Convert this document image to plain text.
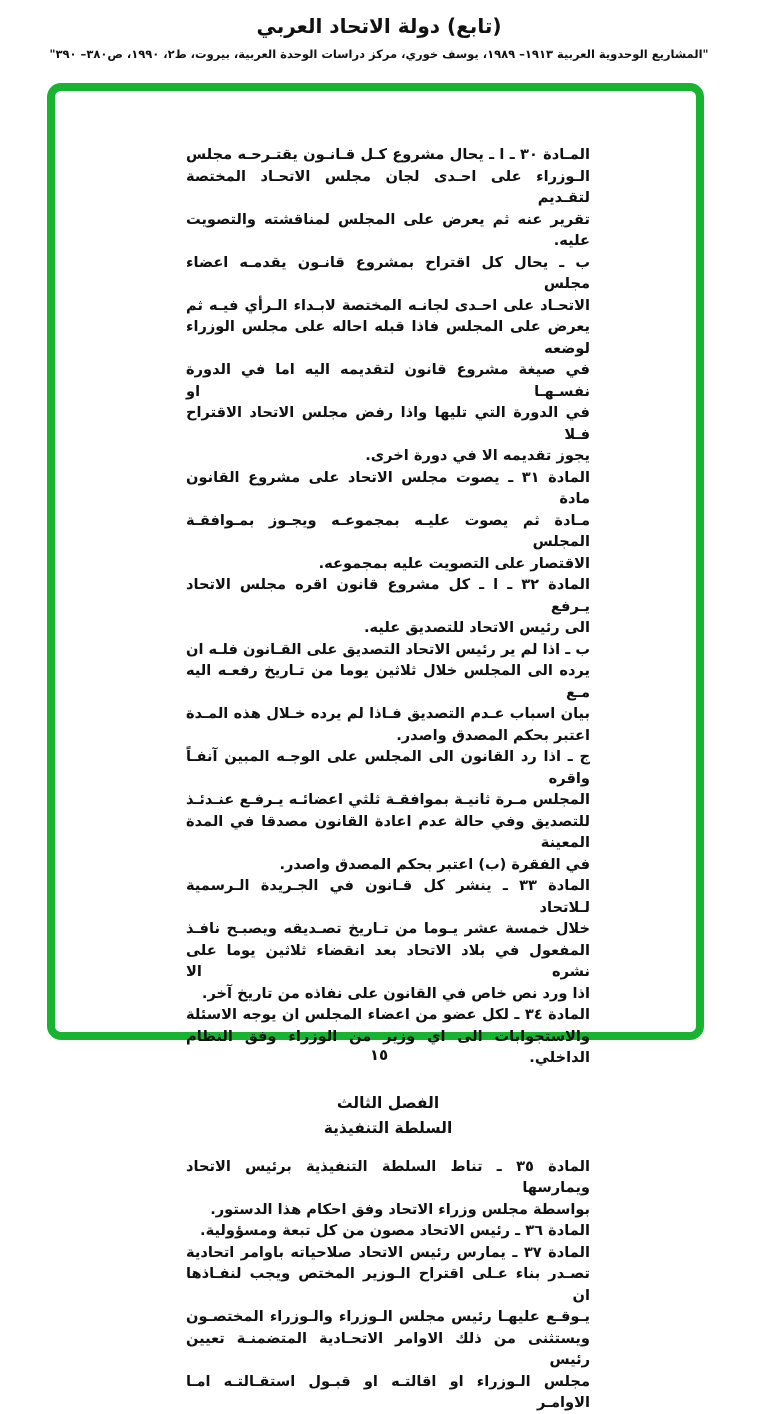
(تابع) دولة الاتحاد العربي
"المشاريع الوحدوية العربية ١٩١٣– ١٩٨٩، يوسف خوري، مركز دراسات الوحدة العربية، بيروت، ط٢، ١٩٩٠، ص٣٨٠– ٣٩٠"
المـادة ٣٠ ـ ا ـ يحال مشروع كـل قـانـون يقتـرحـه مجلس
الـوزراء على احـدى لجان مجلس الاتحـاد المختصة لتقـديم
تقرير عنه ثم يعرض على المجلس لمناقشته والتصويت عليه.
ب ـ يحال كل اقتراح بمشروع قانـون يقدمـه اعضاء مجلس
الاتحـاد على احـدى لجانـه المختصة لابـداء الـرأي فيـه ثم
يعرض على المجلس فاذا قبله احاله على مجلس الوزراء لوضعه
في صيغة مشروع قانون لتقديمه اليه اما في الدورة نفسـهـا او
في الدورة التي تليها واذا رفض مجلس الاتحاد الاقتراح فـلا
يجوز تقديمه الا في دورة اخرى.
المادة ٣١ ـ يصوت مجلس الاتحاد على مشروع القانون مادة
مـادة ثم يصوت عليـه بمجموعـه ويجـوز بمـوافقـة المجلس
الاقتصار على التصويت عليه بمجموعه.
المادة ٣٢ ـ ا ـ كل مشروع قانون اقره مجلس الاتحاد يـرفع
الى رئيس الاتحاد للتصديق عليه.
ب ـ اذا لم ير رئيس الاتحاد التصديق على القـانون فلـه ان
يرده الى المجلس خلال ثلاثين يوما من تـاريخ رفعـه اليه مـع
بيان اسباب عـدم التصديق فـاذا لم يرده خـلال هذه المـدة
اعتبر بحكم المصدق واصدر.
ج ـ اذا رد القانون الى المجلس على الوجـه المبين آنفـاً واقره
المجلس مـرة ثانيـة بموافقـة ثلثي اعضائـه يـرفـع عنـدئـذ
للتصديق وفي حالة عدم اعادة القانون مصدقا في المدة المعينة
في الفقرة (ب) اعتبر بحكم المصدق واصدر.
المادة ٣٣ ـ ينشر كل قـانون في الجـريدة الـرسمية لـلاتحاد
خلال خمسة عشر يـوما من تـاريخ تصـديقه ويصبـح نافـذ
المفعول في بلاد الاتحاد بعد انقضاء ثلاثين يوما على نشره الا
اذا ورد نص خاص في القانون على نفاذه من تاريخ آخر.
المادة ٣٤ ـ لكل عضو من اعضاء المجلس ان يوجه الاسئلة
والاستجوابات الى اي وزير من الوزراء وفق النظام الداخلي.
الفصل الثالث
السلطة التنفيذية
المادة ٣٥ ـ تناط السلطة التنفيذية برئيس الاتحاد ويمارسها
بواسطة مجلس وزراء الاتحاد وفق احكام هذا الدستور.
المادة ٣٦ ـ رئيس الاتحاد مصون من كل تبعة ومسؤولية.
المادة ٣٧ ـ يمارس رئيس الاتحاد صلاحياته باوامر اتحادية
تصـدر بناء عـلى اقتراح الـوزير المختص ويجب لنفـاذها ان
يـوقـع عليهـا رئيس مجلس الـوزراء والـوزراء المختصـون
ويستثنى من ذلك الاوامر الاتحـادية المتضمنـة تعيين رئيس
مجلس الـوزراء او اقالتـه او قبـول استقـالتـه امـا الاوامـر
١٥
